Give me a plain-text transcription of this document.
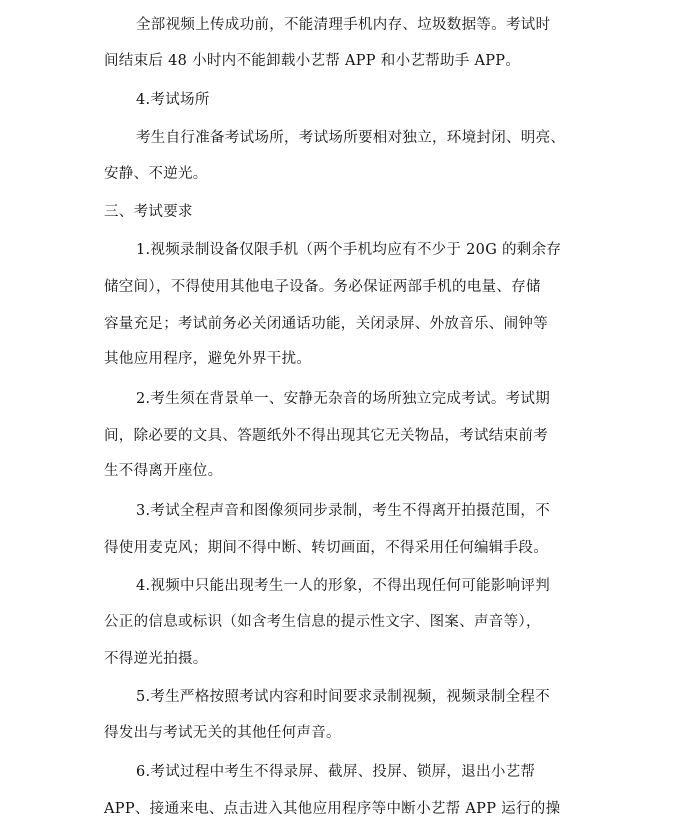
全部视频上传成功前，不能清理手机内存、垃圾数据等。考试时
间结束后 48 小时内不能卸载小艺帮 APP 和小艺帮助手 APP。
4.考试场所
考生自行准备考试场所，考试场所要相对独立，环境封闭、明亮、
安静、不逆光。
三、考试要求
1.视频录制设备仅限手机（两个手机均应有不少于 20G 的剩余存
储空间），不得使用其他电子设备。务必保证两部手机的电量、存储
容量充足；考试前务必关闭通话功能，关闭录屏、外放音乐、闹钟等
其他应用程序，避免外界干扰。
2.考生须在背景单一、安静无杂音的场所独立完成考试。考试期
间，除必要的文具、答题纸外不得出现其它无关物品，考试结束前考
生不得离开座位。
3.考试全程声音和图像须同步录制，考生不得离开拍摄范围，不
得使用麦克风；期间不得中断、转切画面，不得采用任何编辑手段。
4.视频中只能出现考生一人的形象，不得出现任何可能影响评判
公正的信息或标识（如含考生信息的提示性文字、图案、声音等），
不得逆光拍摄。
5.考生严格按照考试内容和时间要求录制视频，视频录制全程不
得发出与考试无关的其他任何声音。
6.考试过程中考生不得录屏、截屏、投屏、锁屏，退出小艺帮
APP、接通来电、点击进入其他应用程序等中断小艺帮 APP 运行的操
